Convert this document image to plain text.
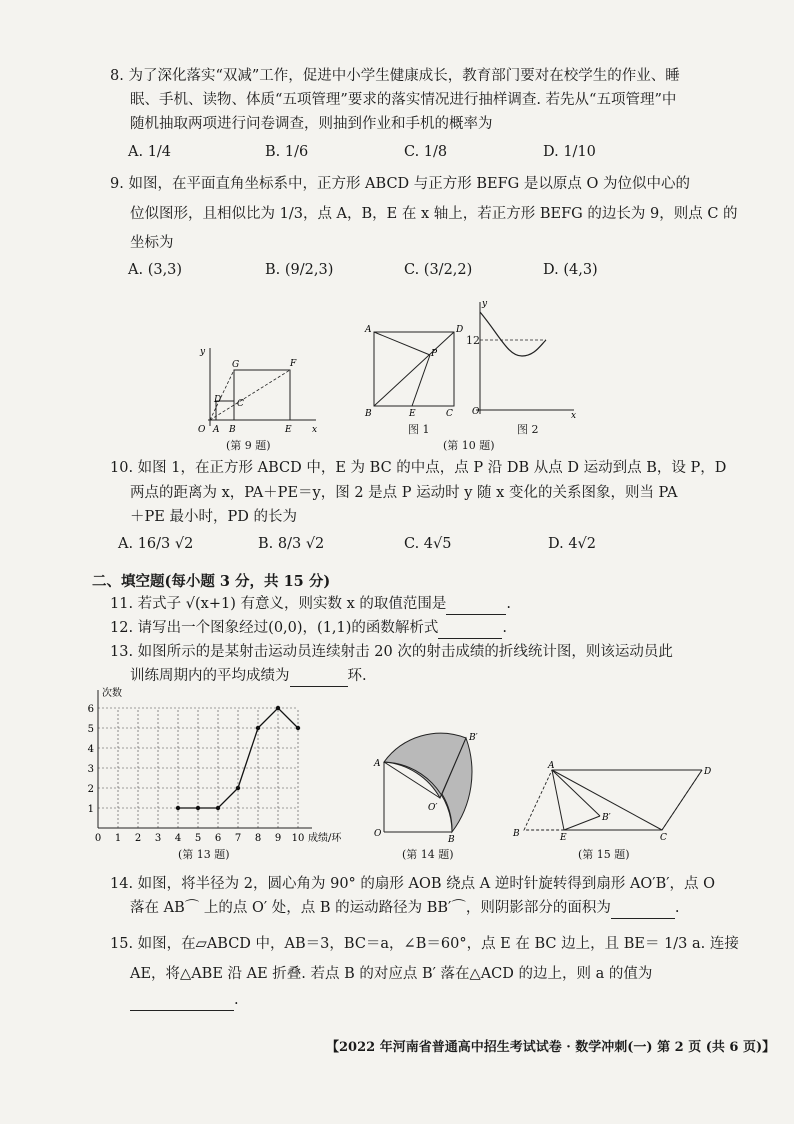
8. 为了深化落实“双减”工作，促进中小学生健康成长，教育部门要对在校学生的作业、睡
眠、手机、读物、体质“五项管理”要求的落实情况进行抽样调查. 若先从“五项管理”中
随机抽取两项进行问卷调查，则抽到作业和手机的概率为
A. 1/4	B. 1/6	C. 1/8	D. 1/10
9. 如图，在平面直角坐标系中，正方形 ABCD 与正方形 BEFG 是以原点 O 为位似中心的
位似图形，且相似比为 1/3，点 A，B，E 在 x 轴上，若正方形 BEFG 的边长为 9，则点 C 的
坐标为
A. (3,3)	B. (9/2,3)	C. (3/2,2)	D. (4,3)
O A B	E x
y
G	F
D C
(第 9 题)
A	D
B	E	C
P
图 1
(第 10 题)
O	x
y
12
图 2
10. 如图 1，在正方形 ABCD 中，E 为 BC 的中点，点 P 沿 DB 从点 D 运动到点 B，设 P，D
两点的距离为 x，PA＋PE＝y，图 2 是点 P 运动时 y 随 x 变化的关系图象，则当 PA
＋PE 最小时，PD 的长为
A. 16/3 √2	B. 8/3 √2	C. 4√5	D. 4√2
二、填空题(每小题 3 分，共 15 分)
11. 若式子 √(x+1) 有意义，则实数 x 的取值范围是	.
12. 请写出一个图象经过(0,0)，(1,1)的函数解析式	.
13. 如图所示的是某射击运动员连续射击 20 次的射击成绩的折线统计图，则该运动员此
训练周期内的平均成绩为	环.
0 1 2 3 4 5 6 7 8 9 10
1
2
3
4
5
6
成绩/环
次数
(第 13 题)
A
O
B
B′
O′
(第 14 题)
A
D
B	E	C
B′
(第 15 题)
14. 如图，将半径为 2，圆心角为 90° 的扇形 AOB 绕点 A 逆时针旋转得到扇形 AO′B′，点 O
落在 AB⌒ 上的点 O′ 处，点 B 的运动路径为 BB′⌒，则阴影部分的面积为	.
15. 如图，在▱ABCD 中，AB＝3，BC＝a，∠B＝60°，点 E 在 BC 边上，且 BE＝ 1/3 a. 连接
AE，将△ABE 沿 AE 折叠. 若点 B 的对应点 B′ 落在△ACD 的边上，则 a 的值为
.
【2022 年河南省普通高中招生考试试卷 · 数学冲刺(一) 第 2 页 (共 6 页)】
